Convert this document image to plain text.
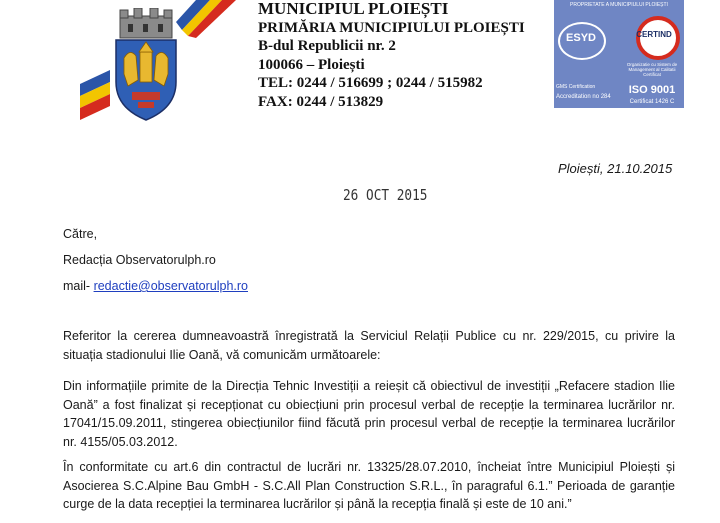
MUNICIPIUL PLOIEȘTI
PRIMĂRIA MUNICIPIULUI PLOIEȘTI
B-dul Republicii nr. 2
100066 – Ploiești
TEL: 0244 / 516699 ; 0244 / 515982
FAX: 0244 / 513829
PROPRIETATE A MUNICIPIULUI PLOIEȘTI
ESYD
GMS Certification
Accreditation no 284
CERTIND
Organizatie cu Sistem de Management al Calitatii Certificat
ISO 9001
Certificat 1426 C
Ploiești, 21.10.2015
26 OCT 2015
Către,
Redacția Observatorulph.ro
mail- redactie@observatorulph.ro
Referitor la cererea dumneavoastră înregistrată la Serviciul Relații Publice cu nr. 229/2015, cu privire la situația stadionului Ilie Oană, vă comunicăm următoarele:
Din informațiile primite de la Direcția Tehnic Investiții a reieșit că obiectivul de investiții „Refacere stadion Ilie Oană” a fost finalizat și recepționat cu obiecțiuni prin procesul verbal de recepție la terminarea lucrărilor nr. 17041/15.09.2011, stingerea obiecțiunilor fiind făcută prin procesul verbal de recepție la terminarea lucrărilor nr. 4155/05.03.2012.
În conformitate cu art.6 din contractul de lucrări nr. 13325/28.07.2010, încheiat între Municipiul Ploiești și Asocierea S.C.Alpine Bau GmbH - S.C.All Plan Construction S.R.L., în paragraful 6.1.” Perioada de garanție curge de la data recepției la terminarea lucrărilor și până la recepția finală și este de 10 ani.”
